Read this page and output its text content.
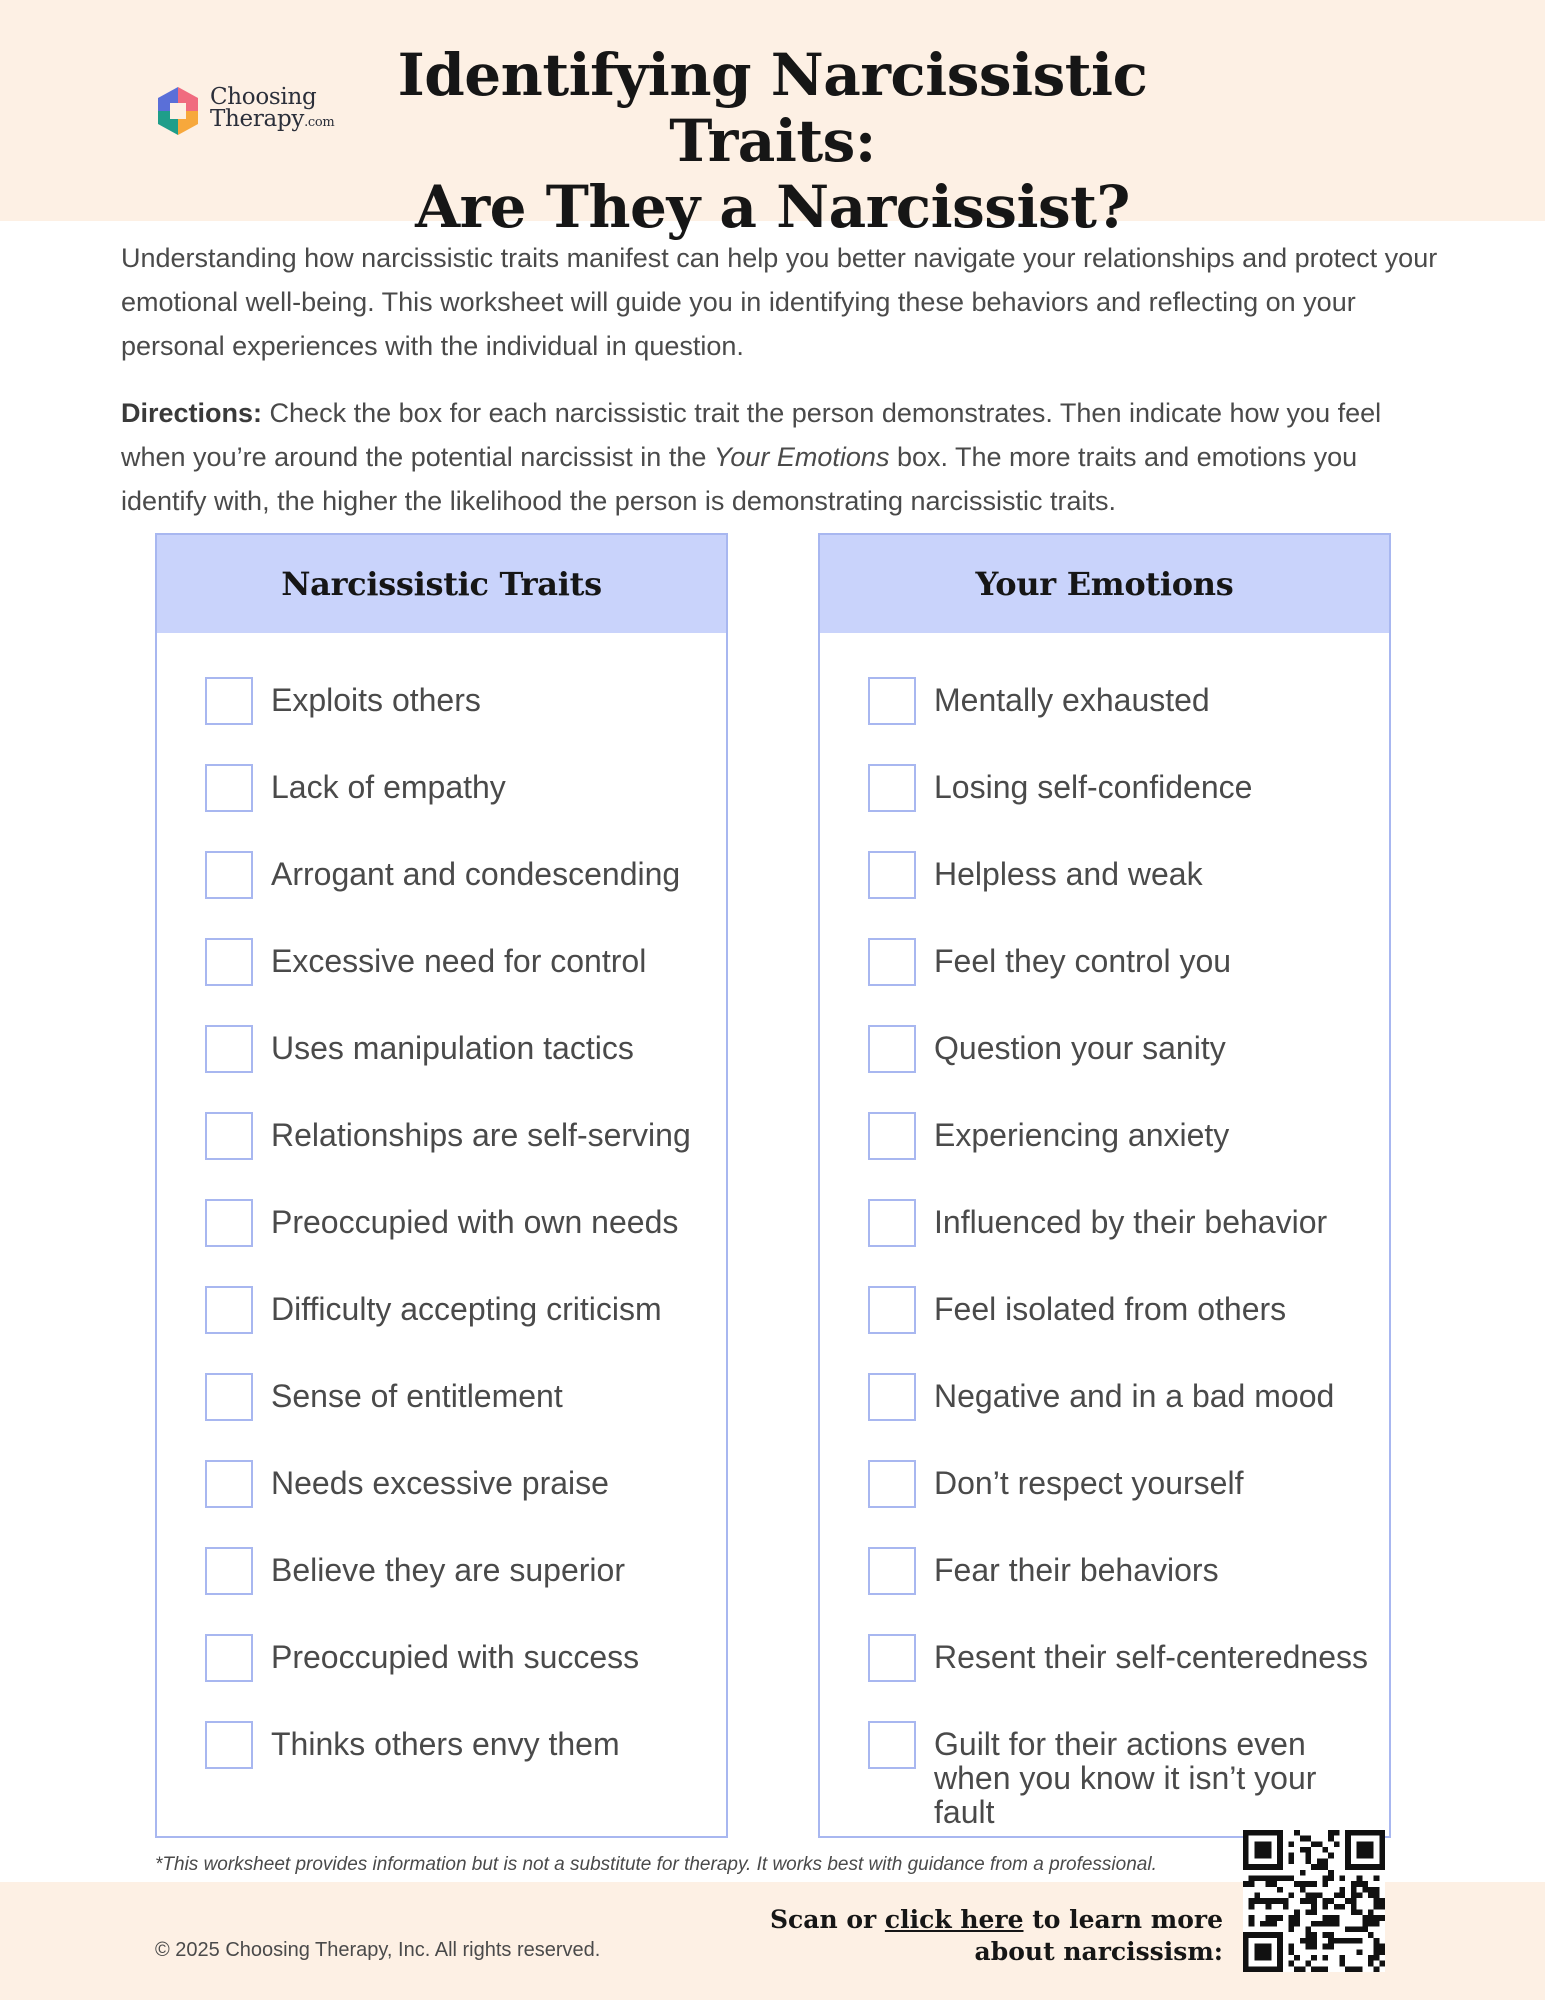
Choosing
Therapy.com
Identifying Narcissistic Traits:
Are They a Narcissist?

Understanding how narcissistic traits manifest can help you better navigate your relationships and protect your emotional well-being. This worksheet will guide you in identifying these behaviors and reflecting on your personal experiences with the individual in question.

Directions: Check the box for each narcissistic trait the person demonstrates. Then indicate how you feel when you’re around the potential narcissist in the Your Emotions box. The more traits and emotions you identify with, the higher the likelihood the person is demonstrating narcissistic traits.

Narcissistic Traits
Exploits others
Lack of empathy
Arrogant and condescending
Excessive need for control
Uses manipulation tactics
Relationships are self-serving
Preoccupied with own needs
Difficulty accepting criticism
Sense of entitlement
Needs excessive praise
Believe they are superior
Preoccupied with success
Thinks others envy them
Your Emotions
Mentally exhausted
Losing self-confidence
Helpless and weak
Feel they control you
Question your sanity
Experiencing anxiety
Influenced by their behavior
Feel isolated from others
Negative and in a bad mood
Don’t respect yourself
Fear their behaviors
Resent their self-centeredness
Guilt for their actions even when you know it isn’t your fault
*This worksheet provides information but is not a substitute for therapy. It works best with guidance from a professional.
© 2025 Choosing Therapy, Inc. All rights reserved.
Scan or click here to learn more
about narcissism:
